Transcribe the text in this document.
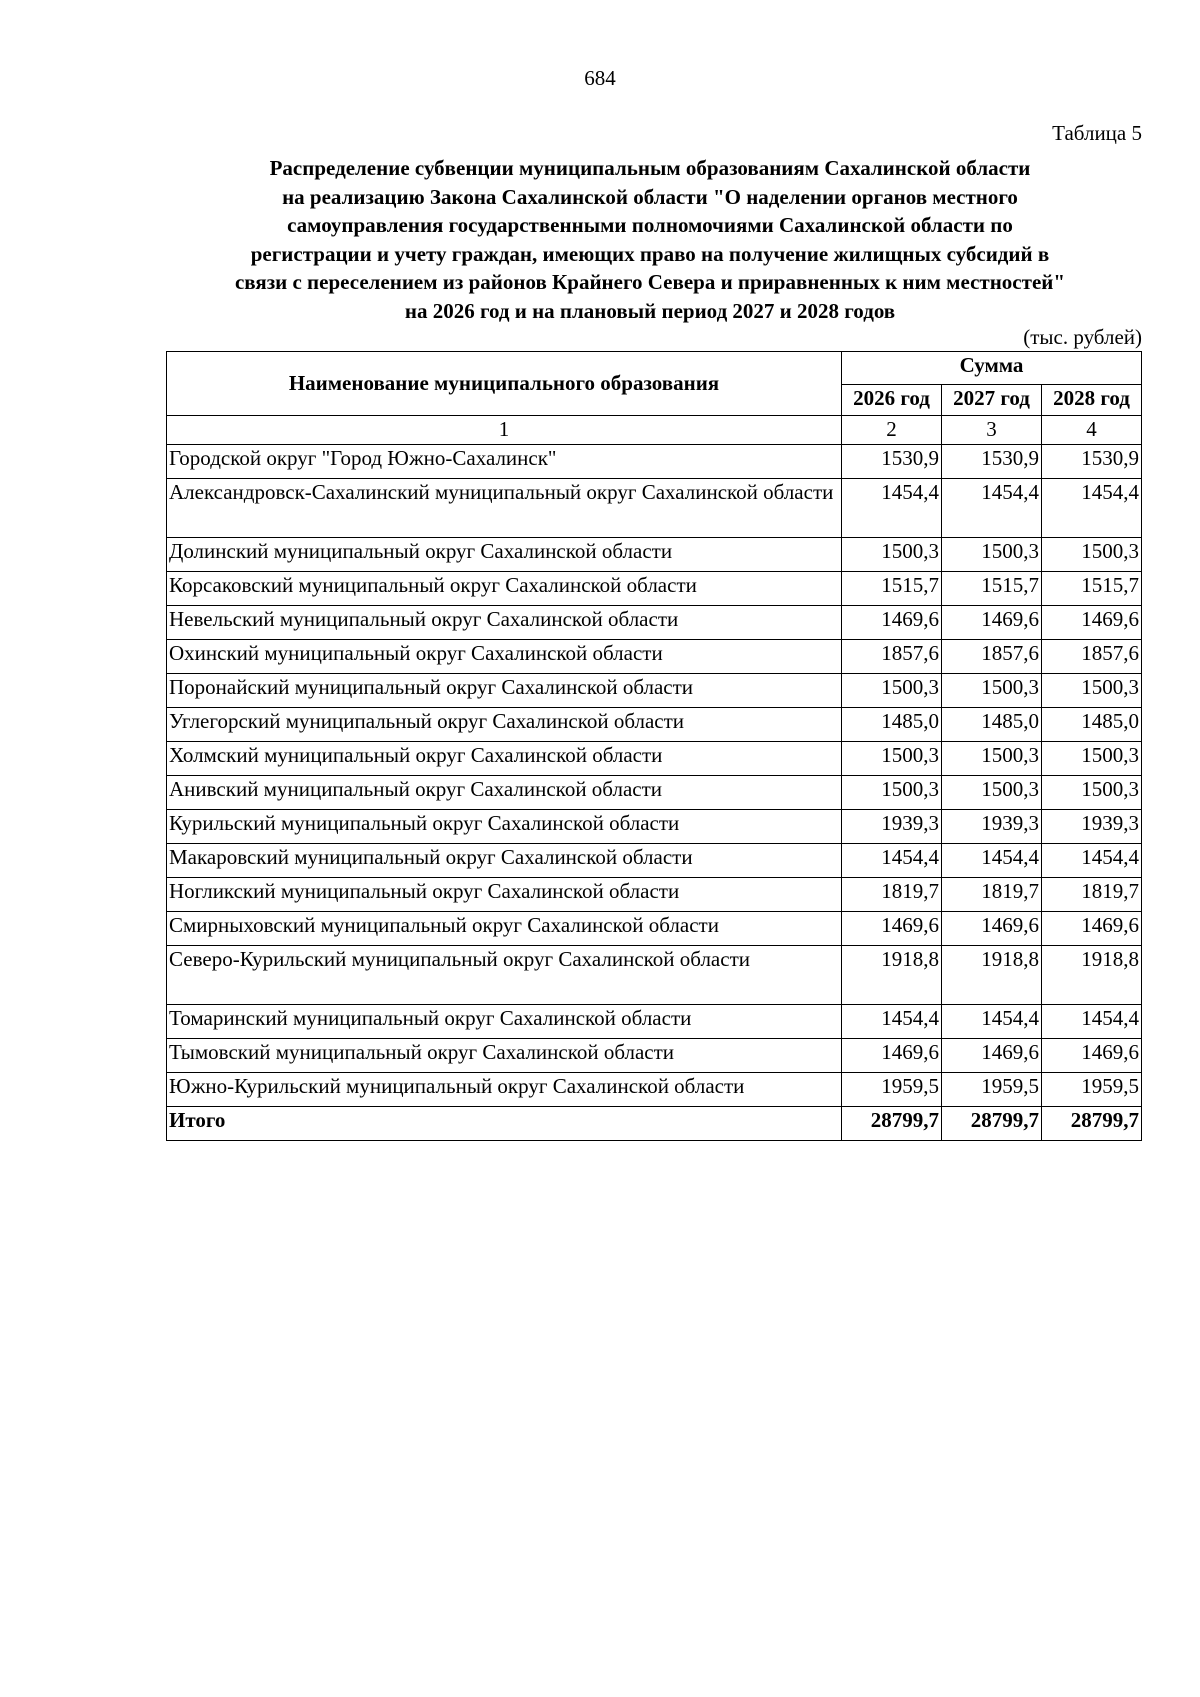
684
Таблица 5
Распределение субвенции муниципальным образованиям Сахалинской области
на реализацию Закона Сахалинской области "О наделении органов местного
самоуправления государственными полномочиями Сахалинской области по
регистрации и учету граждан, имеющих право на получение жилищных субсидий в
связи с переселением из районов Крайнего Севера и приравненных к ним местностей"
на 2026 год и на плановый период 2027 и 2028 годов
(тыс. рублей)
Наименование муниципального образования	Сумма		
	2026 год	2027 год	2028 год
1	2	3	4
Городской округ "Город Южно-Сахалинск"	1530,9	1530,9	1530,9
Александровск-Сахалинский муниципальный округ Сахалинской области	1454,4	1454,4	1454,4
Долинский муниципальный округ Сахалинской области	1500,3	1500,3	1500,3
Корсаковский муниципальный округ Сахалинской области	1515,7	1515,7	1515,7
Невельский муниципальный округ Сахалинской области	1469,6	1469,6	1469,6
Охинский муниципальный округ Сахалинской области	1857,6	1857,6	1857,6
Поронайский муниципальный округ Сахалинской области	1500,3	1500,3	1500,3
Углегорский муниципальный округ Сахалинской области	1485,0	1485,0	1485,0
Холмский муниципальный округ Сахалинской области	1500,3	1500,3	1500,3
Анивский муниципальный округ Сахалинской области	1500,3	1500,3	1500,3
Курильский муниципальный округ Сахалинской области	1939,3	1939,3	1939,3
Макаровский муниципальный округ Сахалинской области	1454,4	1454,4	1454,4
Ногликский муниципальный округ Сахалинской области	1819,7	1819,7	1819,7
Смирныховский муниципальный округ Сахалинской области	1469,6	1469,6	1469,6
Северо-Курильский муниципальный округ Сахалинской области	1918,8	1918,8	1918,8
Томаринский муниципальный округ Сахалинской области	1454,4	1454,4	1454,4
Тымовский муниципальный округ Сахалинской области	1469,6	1469,6	1469,6
Южно-Курильский муниципальный округ Сахалинской области	1959,5	1959,5	1959,5
Итого	28799,7	28799,7	28799,7
